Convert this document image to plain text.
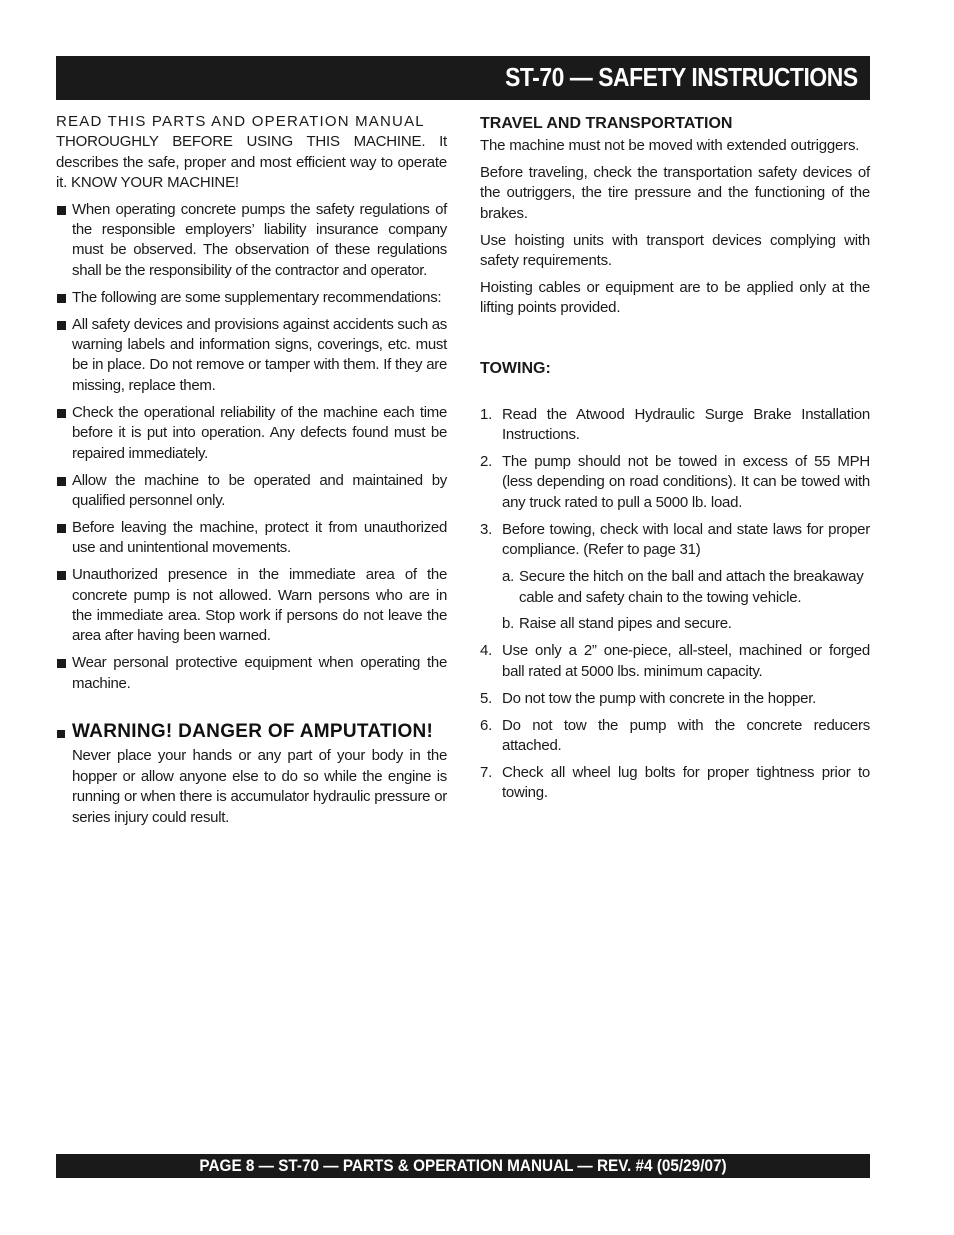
ST-70 — SAFETY INSTRUCTIONS

READ THIS PARTS AND OPERATION MANUAL
THOROUGHLY BEFORE USING THIS MACHINE. It describes the safe, proper and most efficient way to operate it. KNOW YOUR MACHINE!

When operating concrete pumps the safety regulations of the responsible employers’ liability insurance company must be observed. The observation of these regulations shall be the responsibility of the contractor and operator.
The following are some supplementary recommendations:
All safety devices and provisions against accidents such as warning labels and information signs, coverings, etc. must be in place. Do not remove or tamper with them. If they are missing, replace them.
Check the operational reliability of the machine each time before it is put into operation. Any defects found must be repaired immediately.
Allow the machine to be operated and maintained by qualified personnel only.
Before leaving the machine, protect it from unauthorized use and unintentional movements.
Unauthorized presence in the immediate area of the concrete pump is not allowed. Warn persons who are in the immediate area. Stop work if persons do not leave the area after having been warned.
Wear personal protective equipment when operating the machine.
WARNING! DANGER OF AMPUTATION!

Never place your hands or any part of your body in the hopper or allow anyone else to do so while the engine is running or when there is accumulator hydraulic pressure or series injury could result.

TRAVEL AND TRANSPORTATION

The machine must not be moved with extended outriggers.

Before traveling, check the transportation safety devices of the outriggers, the tire pressure and the functioning of the brakes.

Use hoisting units with transport devices complying with safety requirements.

Hoisting cables or equipment are to be applied only at the lifting points provided.

TOWING:

1. Read the Atwood Hydraulic Surge Brake Installation Instructions.
2. The pump should not be towed in excess of 55 MPH (less depending on road conditions). It can be towed with any truck rated to pull a 5000 lb. load.
3. Before towing, check with local and state laws for proper compliance. (Refer to page 31)
a. Secure the hitch on the ball and attach the breakaway cable and safety chain to the towing vehicle.
b. Raise all stand pipes and secure.
4. Use only a 2” one-piece, all-steel, machined or forged ball rated at 5000 lbs. minimum capacity.
5. Do not tow the pump with concrete in the hopper.
6. Do not tow the pump with the concrete reducers attached.
7. Check all wheel lug bolts for proper tightness prior to towing.
PAGE 8 — ST-70 — PARTS & OPERATION MANUAL — REV. #4 (05/29/07)
